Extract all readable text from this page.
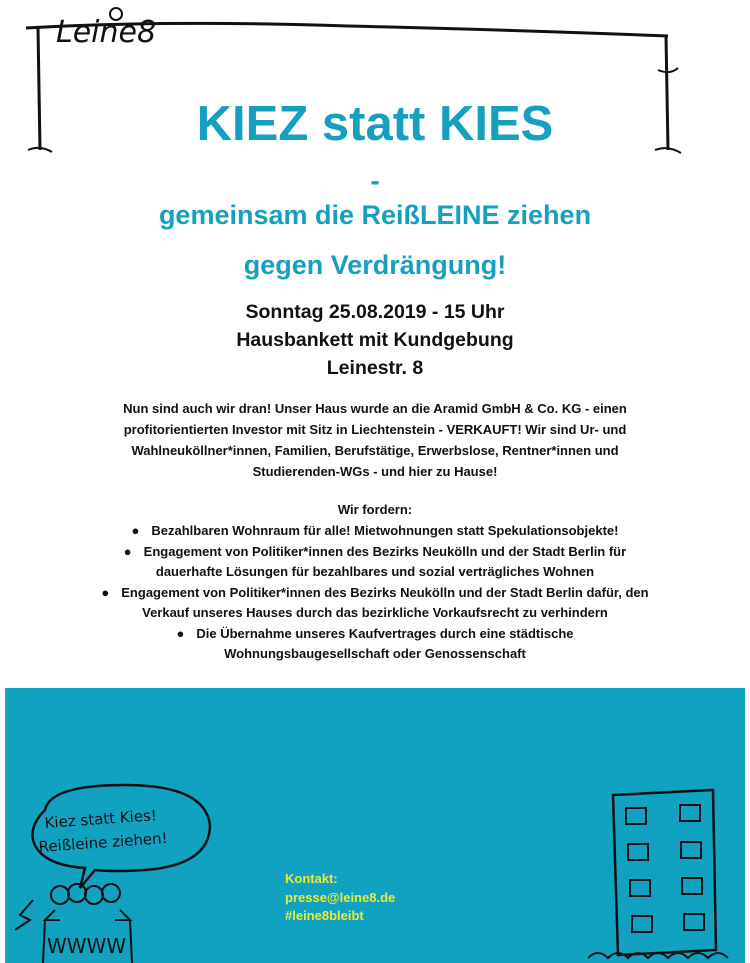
Leine8
KIEZ statt KIES
-
gemeinsam die ReißLEINE ziehen
gegen Verdrängung!
Sonntag 25.08.2019 - 15 Uhr
Hausbankett mit Kundgebung
Leinestr. 8
Nun sind auch wir dran! Unser Haus wurde an die Aramid GmbH & Co. KG - einen
profitorientierten Investor mit Sitz in Liechtenstein - VERKAUFT! Wir sind Ur- und
Wahlneuköllner*innen, Familien, Berufstätige, Erwerbslose, Rentner*innen und
Studierenden-WGs - und hier zu Hause!
Wir fordern:
● Bezahlbaren Wohnraum für alle! Mietwohnungen statt Spekulationsobjekte!
● Engagement von Politiker*innen des Bezirks Neukölln und der Stadt Berlin für
dauerhafte Lösungen für bezahlbares und sozial verträgliches Wohnen
● Engagement von Politiker*innen des Bezirks Neukölln und der Stadt Berlin dafür, den
Verkauf unseres Hauses durch das bezirkliche Vorkaufsrecht zu verhindern
● Die Übernahme unseres Kaufvertrages durch eine städtische
Wohnungsbaugesellschaft oder Genossenschaft
Kiez statt Kies!
Reißleine ziehen!
WWWW
Kontakt:
presse@leine8.de
#leine8bleibt
